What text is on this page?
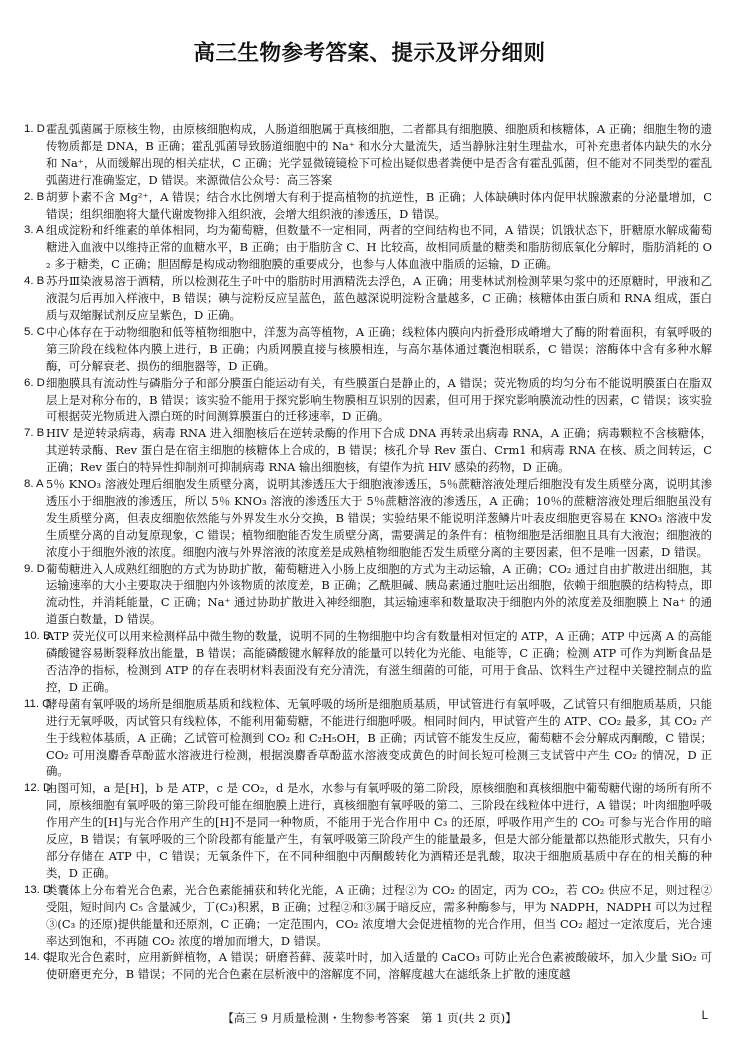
高三生物参考答案、提示及评分细则
1. D 霍乱弧菌属于原核生物，由原核细胞构成，人肠道细胞属于真核细胞，二者都具有细胞膜、细胞质和核糖体，A 正确；细胞生物的遗传物质都是 DNA，B 正确；霍乱弧菌导致肠道细胞中的 Na⁺ 和水分大量流失，适当静脉注射生理盐水，可补充患者体内缺失的水分和 Na⁺，从而缓解出现的相关症状，C 正确；光学显微镜镜检下可检出疑似患者粪便中是否含有霍乱弧菌，但不能对不同类型的霍乱弧菌进行准确鉴定，D 错误。来源微信公众号：高三答案
2. B 胡萝卜素不含 Mg²⁺，A 错误；结合水比例增大有利于提高植物的抗逆性，B 正确；人体缺碘时体内促甲状腺激素的分泌量增加，C 错误；组织细胞将大量代谢废物排入组织液，会增大组织液的渗透压，D 错误。
3. A 组成淀粉和纤维素的单体相同，均为葡萄糖，但数量不一定相同，两者的空间结构也不同，A 错误；饥饿状态下，肝糖原水解成葡萄糖进入血液中以维持正常的血糖水平，B 正确；由于脂肪含 C、H 比较高，故相同质量的糖类和脂肪彻底氧化分解时，脂肪消耗的 O₂ 多于糖类，C 正确；胆固醇是构成动物细胞膜的重要成分，也参与人体血液中脂质的运输，D 正确。
4. B 苏丹Ⅲ染液易溶于酒精，所以检测花生子叶中的脂肪时用酒精洗去浮色，A 正确；用斐林试剂检测苹果匀浆中的还原糖时，甲液和乙液混匀后再加入样液中，B 错误；碘与淀粉反应呈蓝色，蓝色越深说明淀粉含量越多，C 正确；核糖体由蛋白质和 RNA 组成，蛋白质与双缩脲试剂反应呈紫色，D 正确。
5. C 中心体存在于动物细胞和低等植物细胞中，洋葱为高等植物，A 正确；线粒体内膜向内折叠形成嵴增大了酶的附着面积，有氧呼吸的第三阶段在线粒体内膜上进行，B 正确；内质网膜直接与核膜相连，与高尔基体通过囊泡相联系，C 错误；溶酶体中含有多种水解酶，可分解衰老、损伤的细胞器等，D 正确。
6. D 细胞膜具有流动性与磷脂分子和部分膜蛋白能运动有关，有些膜蛋白是静止的，A 错误；荧光物质的均匀分布不能说明膜蛋白在脂双层上是对称分布的，B 错误；该实验不能用于探究影响生物膜相互识别的因素，但可用于探究影响膜流动性的因素，C 错误；该实验可根据荧光物质进入漂白斑的时间测算膜蛋白的迁移速率，D 正确。
7. B HIV 是逆转录病毒，病毒 RNA 进入细胞核后在逆转录酶的作用下合成 DNA 再转录出病毒 RNA，A 正确；病毒颗粒不含核糖体，其逆转录酶、Rev 蛋白是在宿主细胞的核糖体上合成的，B 错误；核孔介导 Rev 蛋白、Crm1 和病毒 RNA 在核、质之间转运，C 正确；Rev 蛋白的特异性抑制剂可抑制病毒 RNA 输出细胞核，有望作为抗 HIV 感染的药物，D 正确。
8. A 5％ KNO₃ 溶液处理后细胞发生质壁分离，说明其渗透压大于细胞液渗透压，5％蔗糖溶液处理后细胞没有发生质壁分离，说明其渗透压小于细胞液的渗透压，所以 5％ KNO₃ 溶液的渗透压大于 5％蔗糖溶液的渗透压，A 正确；10％的蔗糖溶液处理后细胞虽没有发生质壁分离，但表皮细胞依然能与外界发生水分交换，B 错误；实验结果不能说明洋葱鳞片叶表皮细胞更容易在 KNO₃ 溶液中发生质壁分离的自动复原现象，C 错误；植物细胞能否发生质壁分离，需要满足的条件有：植物细胞是活细胞且具有大液泡；细胞液的浓度小于细胞外液的浓度。细胞内液与外界溶液的浓度差是成熟植物细胞能否发生质壁分离的主要因素，但不是唯一因素，D 错误。
9. D 葡萄糖进入人成熟红细胞的方式为协助扩散，葡萄糖进入小肠上皮细胞的方式为主动运输，A 正确；CO₂ 通过自由扩散进出细胞，其运输速率的大小主要取决于细胞内外该物质的浓度差，B 正确；乙酰胆碱、胰岛素通过胞吐运出细胞，依赖于细胞膜的结构特点，即流动性，并消耗能量，C 正确；Na⁺ 通过协助扩散进入神经细胞，其运输速率和数量取决于细胞内外的浓度差及细胞膜上 Na⁺ 的通道蛋白数量，D 错误。
10. B
ATP 荧光仪可以用来检测样品中微生物的数量，说明不同的生物细胞中均含有数量相对恒定的 ATP，A 正确；ATP 中远离 A 的高能磷酸键容易断裂释放出能量，B 错误；高能磷酸键水解释放的能量可以转化为光能、电能等，C 正确；检测 ATP 可作为判断食品是否洁净的指标，检测到 ATP 的存在表明材料表面没有充分清洗，有滋生细菌的可能，可用于食品、饮料生产过程中关键控制点的监控，D 正确。
11. C
酵母菌有氧呼吸的场所是细胞质基质和线粒体、无氧呼吸的场所是细胞质基质，甲试管进行有氧呼吸，乙试管只有细胞质基质，只能进行无氧呼吸，丙试管只有线粒体，不能利用葡萄糖，不能进行细胞呼吸。相同时间内，甲试管产生的 ATP、CO₂ 最多，其 CO₂ 产生于线粒体基质，A 正确；乙试管可检测到 CO₂ 和 C₂H₅OH，B 正确；丙试管不能发生反应，葡萄糖不会分解成丙酮酸，C 错误；CO₂ 可用溴麝香草酚蓝水溶液进行检测，根据溴麝香草酚蓝水溶液变成黄色的时间长短可检测三支试管中产生 CO₂ 的情况，D 正确。
12. D
由图可知，a 是[H]，b 是 ATP，c 是 CO₂，d 是水，水参与有氧呼吸的第二阶段，原核细胞和真核细胞中葡萄糖代谢的场所有所不同，原核细胞有氧呼吸的第三阶段可能在细胞膜上进行，真核细胞有氧呼吸的第二、三阶段在线粒体中进行，A 错误；叶肉细胞呼吸作用产生的[H]与光合作用产生的[H]不是同一种物质，不能用于光合作用中 C₃ 的还原，呼吸作用产生的 CO₂ 可参与光合作用的暗反应，B 错误；有氧呼吸的三个阶段都有能量产生，有氧呼吸第三阶段产生的能量最多，但是大部分能量都以热能形式散失，只有小部分存储在 ATP 中，C 错误；无氧条件下，在不同种细胞中丙酮酸转化为酒精还是乳酸，取决于细胞质基质中存在的相关酶的种类，D 正确。
13. D
类囊体上分布着光合色素，光合色素能捕获和转化光能，A 正确；过程②为 CO₂ 的固定，丙为 CO₂，若 CO₂ 供应不足，则过程②受阻，短时间内 C₅ 含量减少，丁(C₃)积累，B 正确；过程②和③属于暗反应，需多种酶参与，甲为 NADPH，NADPH 可以为过程③(C₃ 的还原)提供能量和还原剂，C 正确；一定范围内，CO₂ 浓度增大会促进植物的光合作用，但当 CO₂ 超过一定浓度后，光合速率达到饱和，不再随 CO₂ 浓度的增加而增大，D 错误。
14. C
提取光合色素时，应用新鲜植物，A 错误；研磨苔藓、菠菜叶时，加入适量的 CaCO₃ 可防止光合色素被酸破坏，加入少量 SiO₂ 可使研磨更充分，B 错误；不同的光合色素在层析液中的溶解度不同，溶解度越大在滤纸条上扩散的速度越
【高三 9 月质量检测・生物参考答案　第 1 页(共 2 页)】	L
